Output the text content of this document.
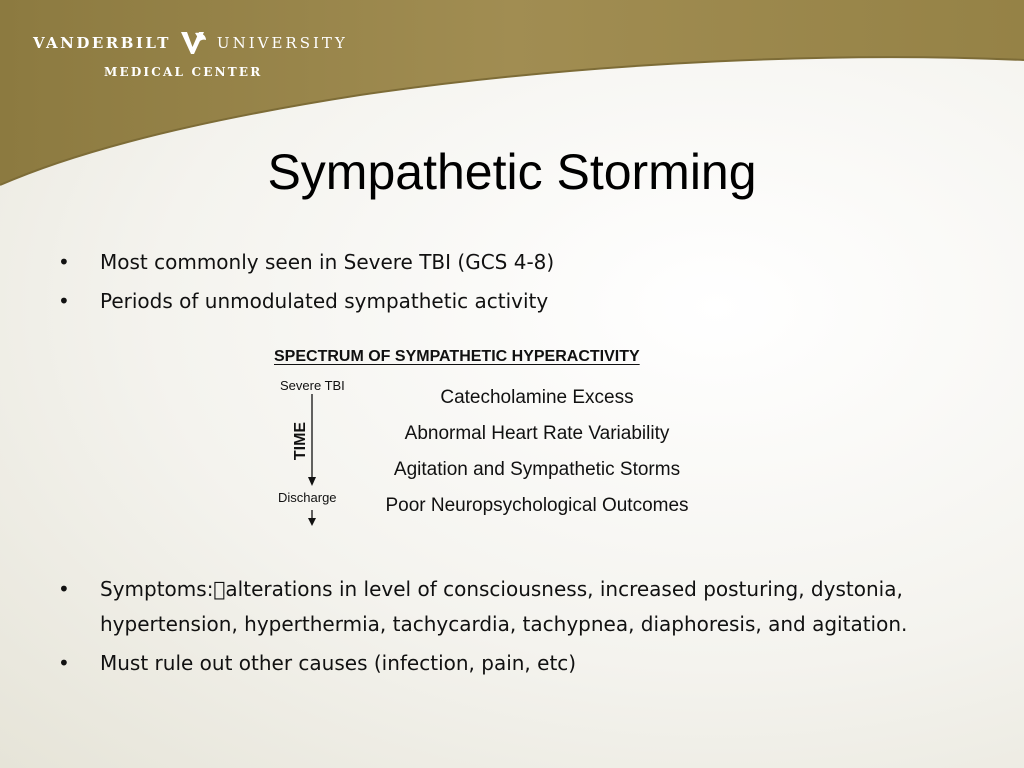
VANDERBILT	UNIVERSITY
MEDICAL CENTER
Sympathetic Storming
• Most commonly seen in Severe TBI (GCS 4-8)
• Periods of unmodulated sympathetic activity
SPECTRUM OF SYMPATHETIC HYPERACTIVITY
Severe TBI
TIME
Discharge
Catecholamine Excess
Abnormal Heart Rate Variability
Agitation and Sympathetic Storms
Poor Neuropsychological Outcomes
• Symptoms: alterations in level of consciousness, increased posturing, dystonia, hypertension, hyperthermia, tachycardia, tachypnea, diaphoresis, and agitation.
• Must rule out other causes (infection, pain, etc)
